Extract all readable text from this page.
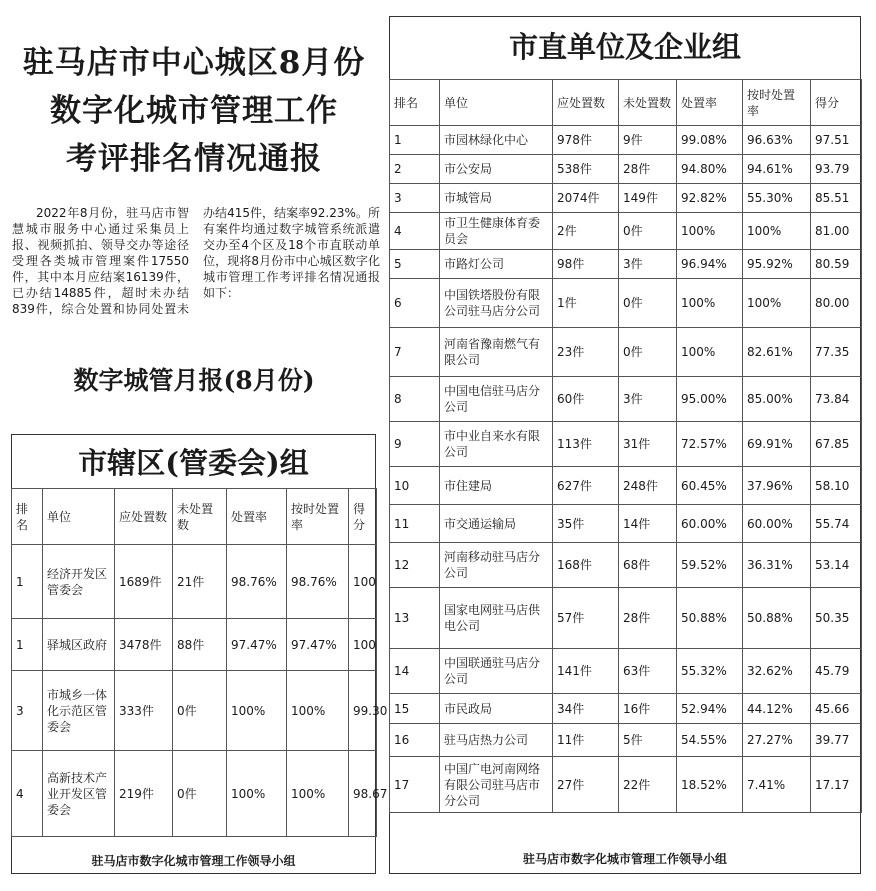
驻马店市中心城区8月份
数字化城市管理工作
考评排名情况通报
2022年8月份，驻马店市智慧城市服务中心通过采集员上报、视频抓拍、领导交办等途径受理各类城市管理案件17550件，其中本月应结案16139件，已办结14885件，超时未办结839件，综合处置和协同处置未办结415件，结案率92.23%。所有案件均通过数字城管系统派遣交办至4个区及18个市直联动单位，现将8月份市中心城区数字化城市管理工作考评排名情况通报如下：
数字城管月报(8月份)
市辖区(管委会)组
排名	单位	应处置数	未处置数	处置率	按时处置率	得分
1	经济开发区管委会	1689件	21件	98.76%	98.76%	100
1	驿城区政府	3478件	88件	97.47%	97.47%	100
3	市城乡一体化示范区管委会	333件	0件	100%	100%	99.30
4	高新技术产业开发区管委会	219件	0件	100%	100%	98.67
驻马店市数字化城市管理工作领导小组
市直单位及企业组
排名	单位	应处置数	未处置数	处置率	按时处置率	得分
1	市园林绿化中心	978件	9件	99.08%	96.63%	97.51
2	市公安局	538件	28件	94.80%	94.61%	93.79
3	市城管局	2074件	149件	92.82%	55.30%	85.51
4	市卫生健康体育委员会	2件	0件	100%	100%	81.00
5	市路灯公司	98件	3件	96.94%	95.92%	80.59
6	中国铁塔股份有限公司驻马店分公司	1件	0件	100%	100%	80.00
7	河南省豫南燃气有限公司	23件	0件	100%	82.61%	77.35
8	中国电信驻马店分公司	60件	3件	95.00%	85.00%	73.84
9	市中业自来水有限公司	113件	31件	72.57%	69.91%	67.85
10	市住建局	627件	248件	60.45%	37.96%	58.10
11	市交通运输局	35件	14件	60.00%	60.00%	55.74
12	河南移动驻马店分公司	168件	68件	59.52%	36.31%	53.14
13	国家电网驻马店供电公司	57件	28件	50.88%	50.88%	50.35
14	中国联通驻马店分公司	141件	63件	55.32%	32.62%	45.79
15	市民政局	34件	16件	52.94%	44.12%	45.66
16	驻马店热力公司	11件	5件	54.55%	27.27%	39.77
17	中国广电河南网络有限公司驻马店市分公司	27件	22件	18.52%	7.41%	17.17
驻马店市数字化城市管理工作领导小组
